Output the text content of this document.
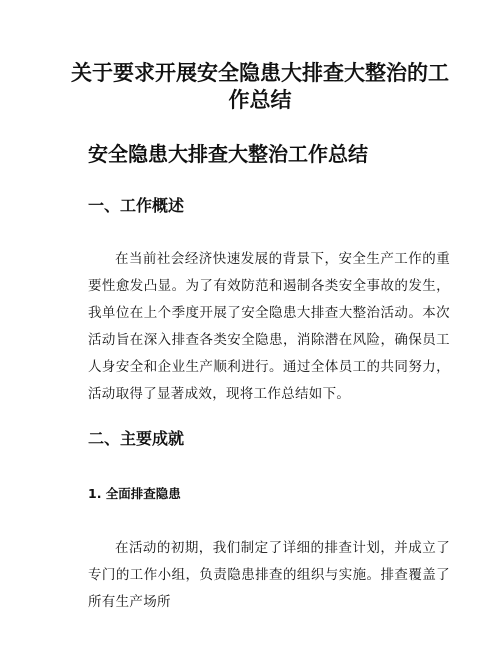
关于要求开展安全隐患大排查大整治的工作总结
安全隐患大排查大整治工作总结
一、工作概述

在当前社会经济快速发展的背景下，安全生产工作的重要性愈发凸显。为了有效防范和遏制各类安全事故的发生，我单位在上个季度开展了安全隐患大排查大整治活动。本次活动旨在深入排查各类安全隐患，消除潜在风险，确保员工人身安全和企业生产顺利进行。通过全体员工的共同努力，活动取得了显著成效，现将工作总结如下。

二、主要成就
1. 全面排查隐患

在活动的初期，我们制定了详细的排查计划，并成立了专门的工作小组，负责隐患排查的组织与实施。排查覆盖了所有生产场所
